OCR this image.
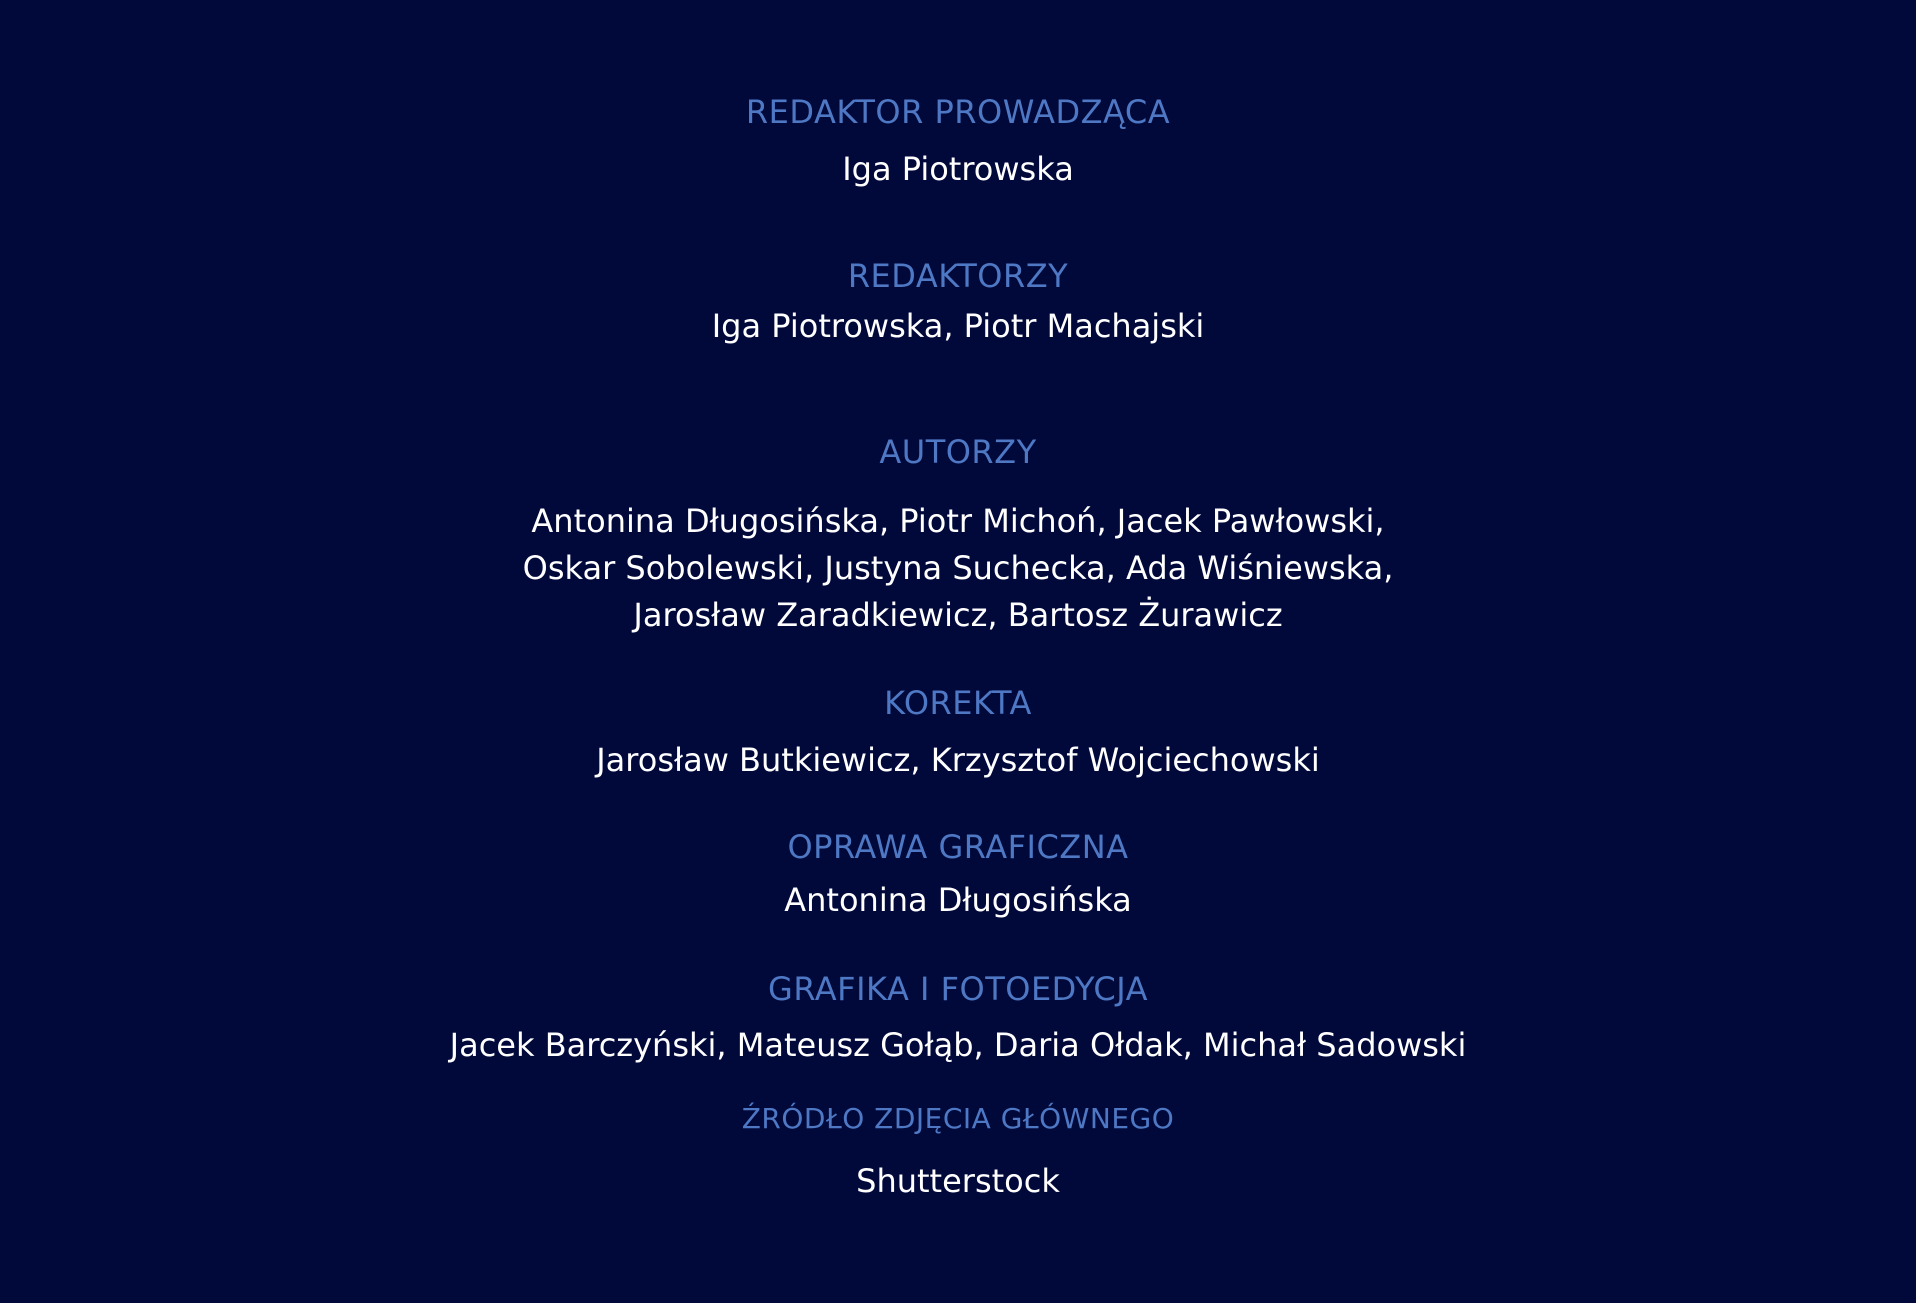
REDAKTOR PROWADZĄCA
Iga Piotrowska
REDAKTORZY
Iga Piotrowska, Piotr Machajski
AUTORZY
Antonina Długosińska, Piotr Michoń, Jacek Pawłowski,
Oskar Sobolewski, Justyna Suchecka, Ada Wiśniewska,
Jarosław Zaradkiewicz, Bartosz Żurawicz
KOREKTA
Jarosław Butkiewicz, Krzysztof Wojciechowski
OPRAWA GRAFICZNA
Antonina Długosińska
GRAFIKA I FOTOEDYCJA
Jacek Barczyński, Mateusz Gołąb, Daria Ołdak, Michał Sadowski
ŹRÓDŁO ZDJĘCIA GŁÓWNEGO
Shutterstock
